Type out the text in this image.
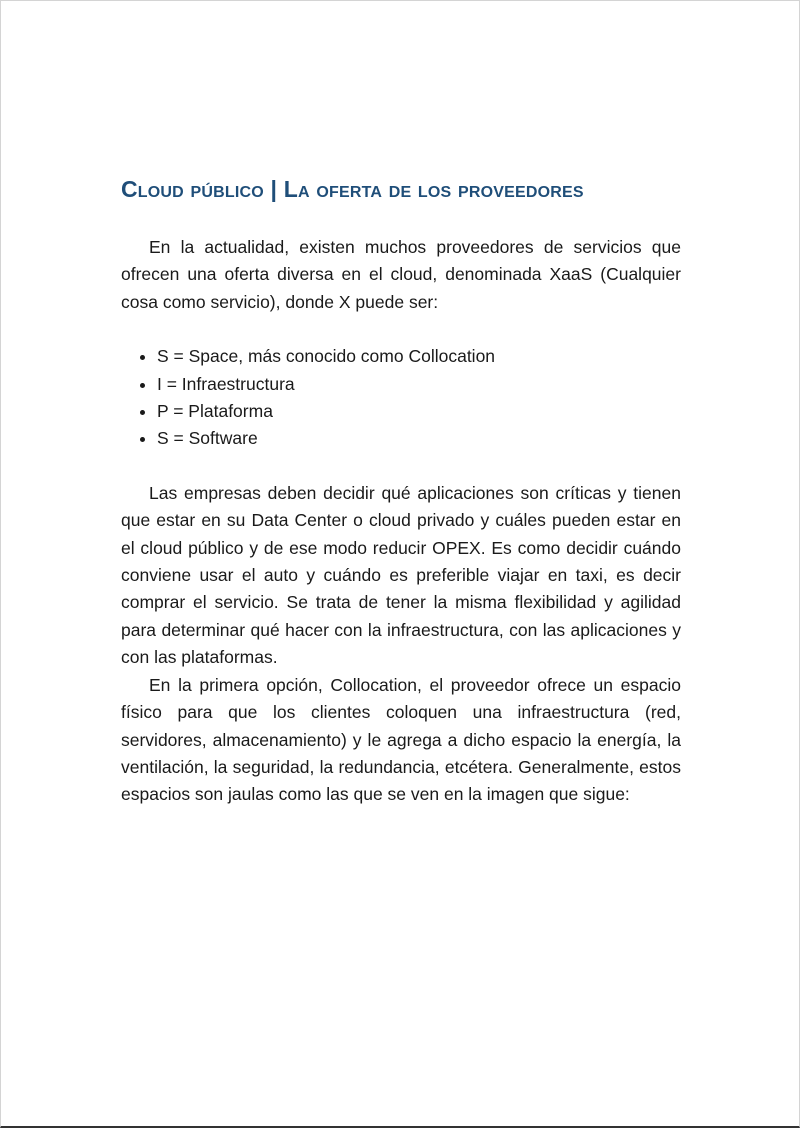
Cloud público | La oferta de los proveedores

En la actualidad, existen muchos proveedores de servicios que ofrecen una oferta diversa en el cloud, denominada XaaS (Cualquier cosa como servicio), donde X puede ser:

• S = Space, más conocido como Collocation
• I = Infraestructura
• P = Plataforma
• S = Software

Las empresas deben decidir qué aplicaciones son críticas y tienen que estar en su Data Center o cloud privado y cuáles pueden estar en el cloud público y de ese modo reducir OPEX. Es como decidir cuándo conviene usar el auto y cuándo es preferible viajar en taxi, es decir comprar el servicio. Se trata de tener la misma flexibilidad y agilidad para determinar qué hacer con la infraestructura, con las aplicaciones y con las plataformas.

En la primera opción, Collocation, el proveedor ofrece un espacio físico para que los clientes coloquen una infraestructura (red, servidores, almacenamiento) y le agrega a dicho espacio la energía, la ventilación, la seguridad, la redundancia, etcétera. Generalmente, estos espacios son jaulas como las que se ven en la imagen que sigue:
